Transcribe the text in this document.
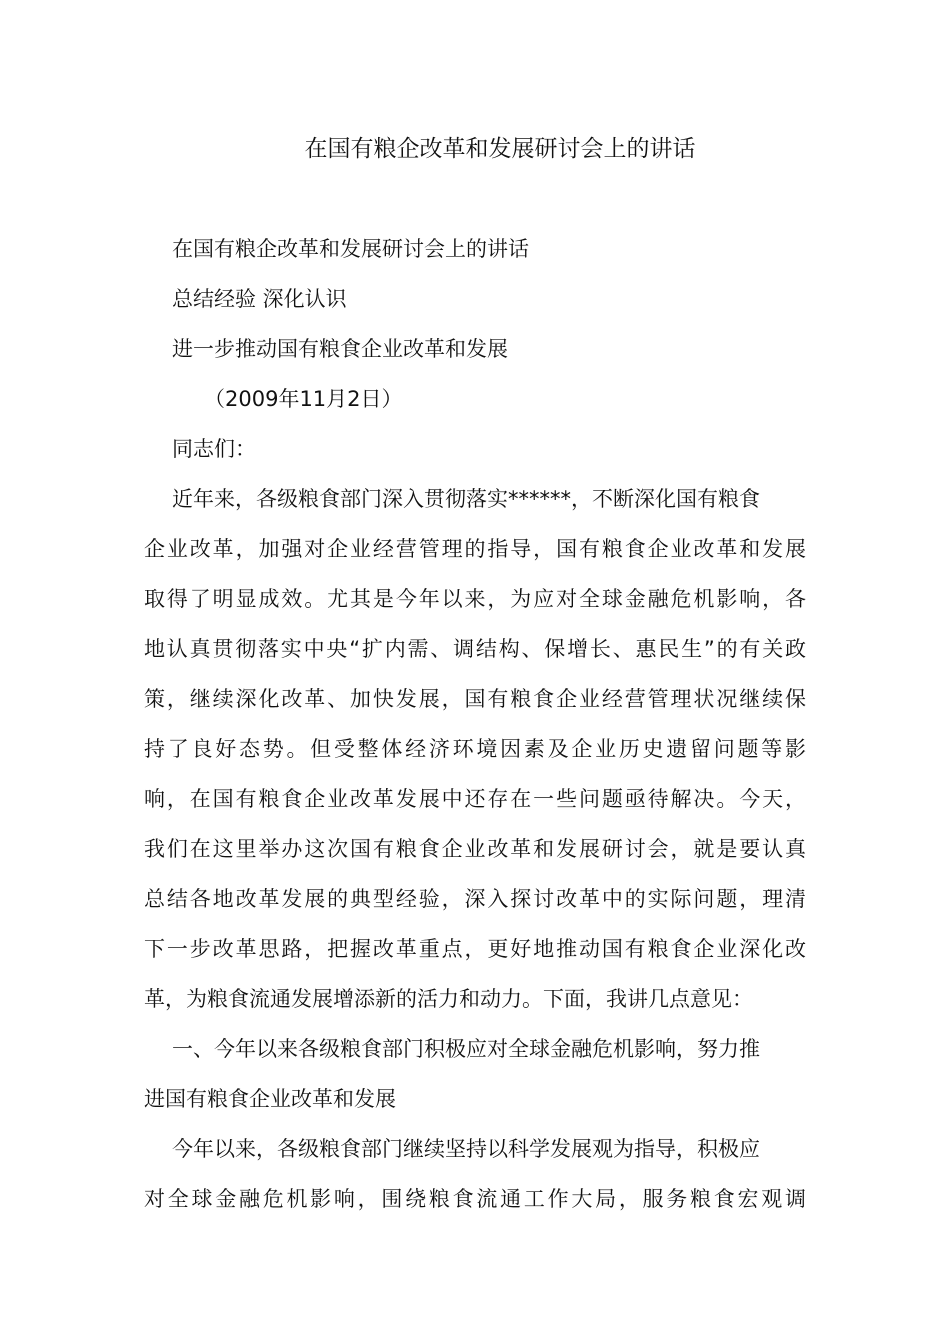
在国有粮企改革和发展研讨会上的讲话
在国有粮企改革和发展研讨会上的讲话
总结经验 深化认识
进一步推动国有粮食企业改革和发展
（2009年11月2日）
同志们：
近年来，各级粮食部门深入贯彻落实******，不断深化国有粮食
企业改革，加强对企业经营管理的指导，国有粮食企业改革和发展
取得了明显成效。尤其是今年以来，为应对全球金融危机影响，各
地认真贯彻落实中央“扩内需、调结构、保增长、惠民生”的有关政
策，继续深化改革、加快发展，国有粮食企业经营管理状况继续保
持了良好态势。但受整体经济环境因素及企业历史遗留问题等影
响，在国有粮食企业改革发展中还存在一些问题亟待解决。今天，
我们在这里举办这次国有粮食企业改革和发展研讨会，就是要认真
总结各地改革发展的典型经验，深入探讨改革中的实际问题，理清
下一步改革思路，把握改革重点，更好地推动国有粮食企业深化改
革，为粮食流通发展增添新的活力和动力。下面，我讲几点意见：
一、今年以来各级粮食部门积极应对全球金融危机影响，努力推
进国有粮食企业改革和发展
今年以来，各级粮食部门继续坚持以科学发展观为指导，积极应
对全球金融危机影响，围绕粮食流通工作大局，服务粮食宏观调
